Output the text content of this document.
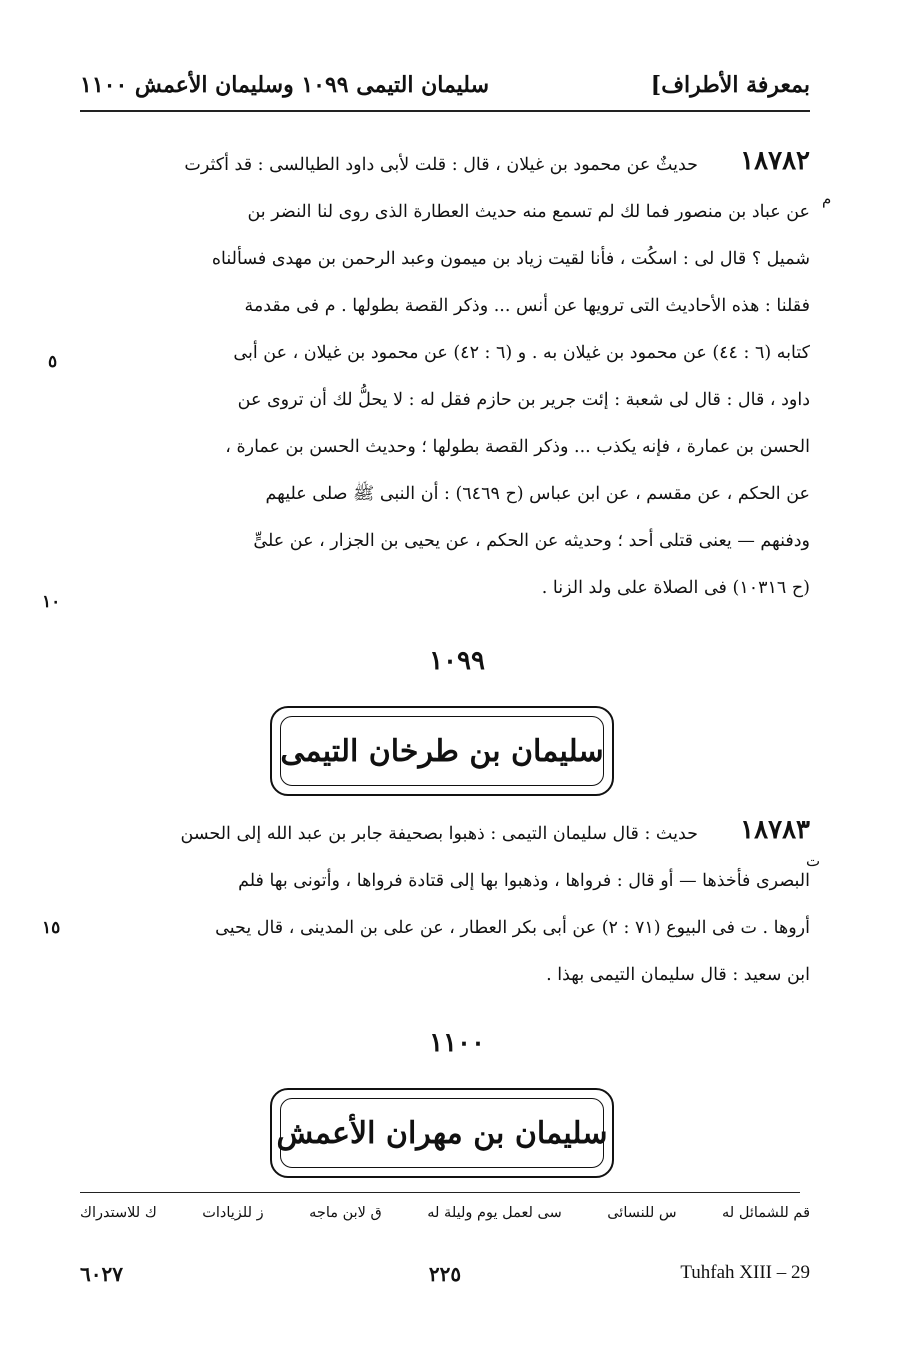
سليمان التيمى ١٠٩٩ وسليمان الأعمش ١١٠٠	بمعرفة الأطراف]
١٨٧٨٢
م
حديثٌ عن محمود بن غيلان ، قال : قلت لأبى داود الطيالسى : قد أكثرت
عن عباد بن منصور فما لك لم تسمع منه حديث العطارة الذى روى لنا النضر بن
شميل ؟ قال لى : اسكُت ، فأنا لقيت زياد بن ميمون وعبد الرحمن بن مهدى فسألناه
فقلنا : هذه الأحاديث التى ترويها عن أنس ... وذكر القصة بطولها . م فى مقدمة
كتابه (٦ : ٤٤) عن محمود بن غيلان به . و (٦ : ٤٢) عن محمود بن غيلان ، عن أبى
داود ، قال : قال لى شعبة : إئت جرير بن حازم فقل له : لا يحلُّ لك أن تروى عن
الحسن بن عمارة ، فإنه يكذب ... وذكر القصة بطولها ؛ وحديث الحسن بن عمارة ،
عن الحكم ، عن مقسم ، عن ابن عباس (ح ٦٤٦٩) : أن النبى ﷺ صلى عليهم
ودفنهم — يعنى قتلى أحد ؛ وحديثه عن الحكم ، عن يحيى بن الجزار ، عن علىٍّ
(ح ١٠٣١٦) فى الصلاة على ولد الزنا .
٥
١٠
١٠٩٩
سليمان بن طرخان التيمى
١٨٧٨٣
ت
حديث : قال سليمان التيمى : ذهبوا بصحيفة جابر بن عبد الله إلى الحسن
البصرى فأخذها — أو قال : فرواها ، وذهبوا بها إلى قتادة فرواها ، وأتونى بها فلم
أروها . ت فى البيوع (٧١ : ٢) عن أبى بكر العطار ، عن على بن المدينى ، قال يحيى
ابن سعيد : قال سليمان التيمى بهذا .
١٥
١١٠٠
سليمان بن مهران الأعمش
قم للشمائل له
س للنسائى
سى لعمل يوم وليلة له
ق لابن ماجه
ز للزيادات
ك للاستدراك
٦٠٢٧	٢٢٥	Tuhfah XIII – 29
